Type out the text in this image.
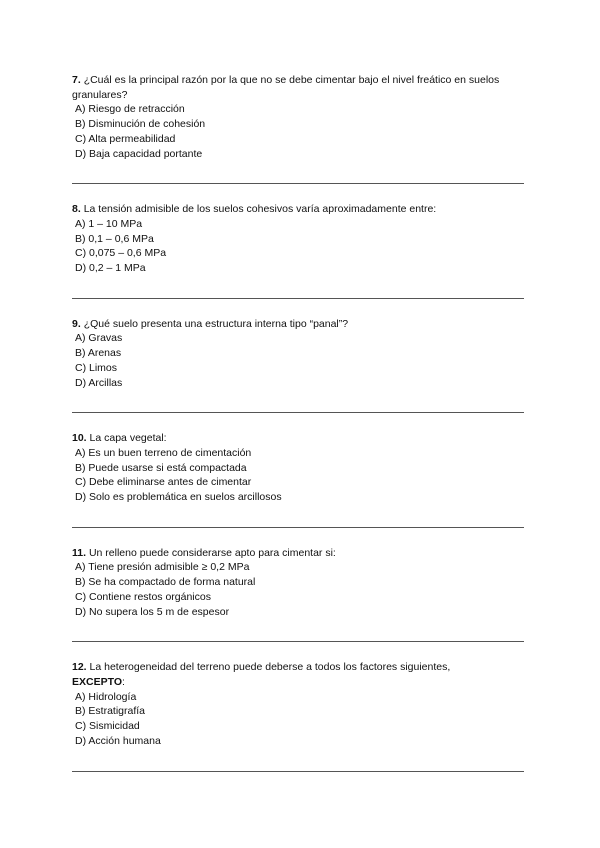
7. ¿Cuál es la principal razón por la que no se debe cimentar bajo el nivel freático en suelos granulares?

A) Riesgo de retracción

B) Disminución de cohesión

C) Alta permeabilidad

D) Baja capacidad portante

8. La tensión admisible de los suelos cohesivos varía aproximadamente entre:

A) 1 – 10 MPa

B) 0,1 – 0,6 MPa

C) 0,075 – 0,6 MPa

D) 0,2 – 1 MPa

9. ¿Qué suelo presenta una estructura interna tipo “panal”?

A) Gravas

B) Arenas

C) Limos

D) Arcillas

10. La capa vegetal:

A) Es un buen terreno de cimentación

B) Puede usarse si está compactada

C) Debe eliminarse antes de cimentar

D) Solo es problemática en suelos arcillosos

11. Un relleno puede considerarse apto para cimentar si:

A) Tiene presión admisible ≥ 0,2 MPa

B) Se ha compactado de forma natural

C) Contiene restos orgánicos

D) No supera los 5 m de espesor

12. La heterogeneidad del terreno puede deberse a todos los factores siguientes,
EXCEPTO:

A) Hidrología

B) Estratigrafía

C) Sismicidad

D) Acción humana
